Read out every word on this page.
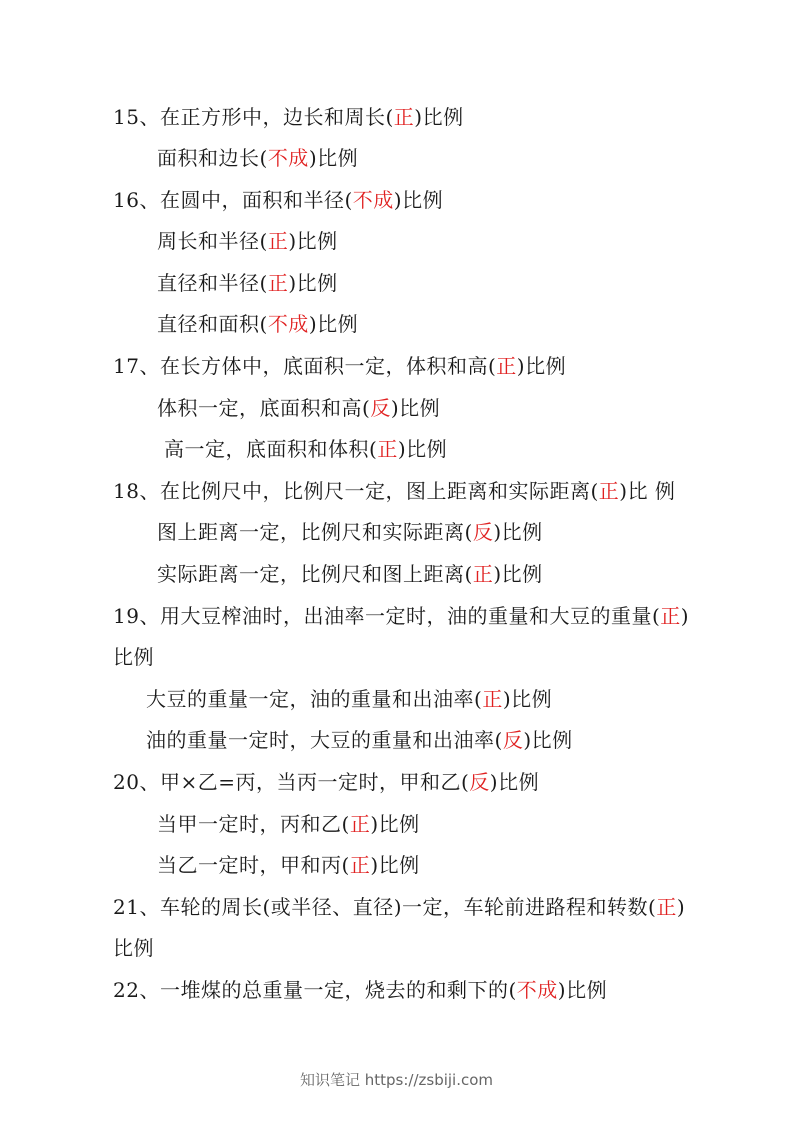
15、在正方形中，边长和周长(正)比例
面积和边长(不成)比例
16、在圆中，面积和半径(不成)比例
周长和半径(正)比例
直径和半径(正)比例
直径和面积(不成)比例
17、在长方体中，底面积一定，体积和高(正)比例
体积一定，底面积和高(反)比例
高一定，底面积和体积(正)比例
18、在比例尺中，比例尺一定，图上距离和实际距离(正)比 例
图上距离一定，比例尺和实际距离(反)比例
实际距离一定，比例尺和图上距离(正)比例
19、用大豆榨油时，出油率一定时，油的重量和大豆的重量(正)
比例
大豆的重量一定，油的重量和出油率(正)比例
油的重量一定时，大豆的重量和出油率(反)比例
20、甲×乙=丙，当丙一定时，甲和乙(反)比例
当甲一定时，丙和乙(正)比例
当乙一定时，甲和丙(正)比例
21、车轮的周长(或半径、直径)一定，车轮前进路程和转数(正)
比例
22、一堆煤的总重量一定，烧去的和剩下的(不成)比例
知识笔记 https://zsbiji.com
